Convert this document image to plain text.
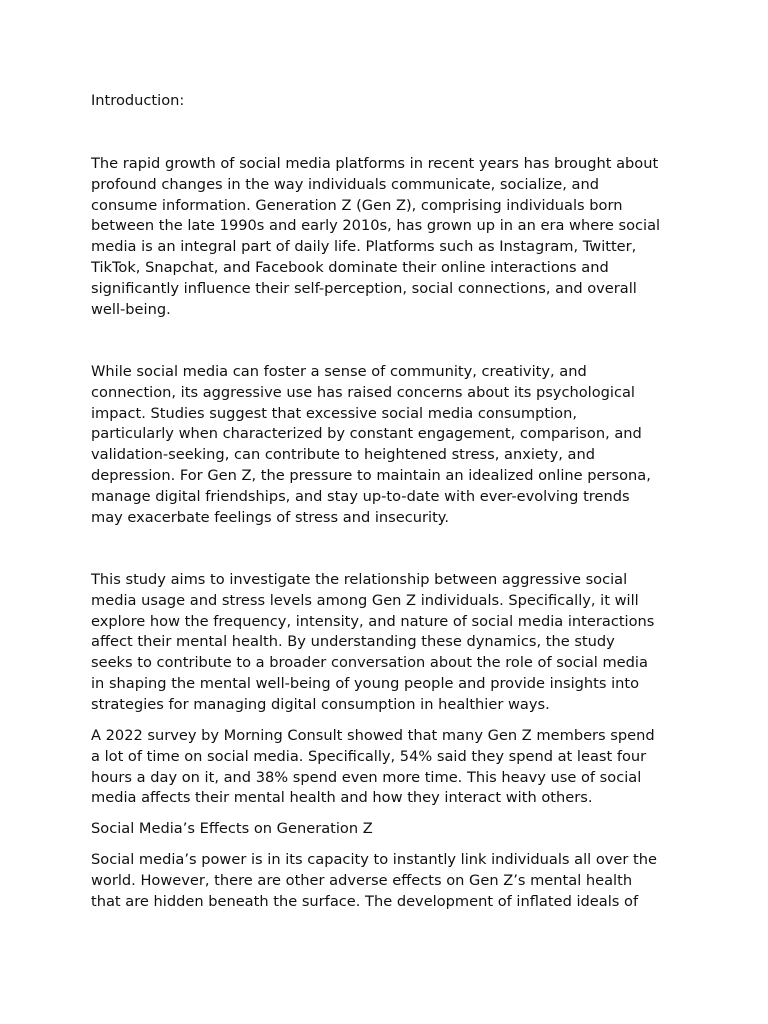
Introduction:

The rapid growth of social media platforms in recent years has brought about
profound changes in the way individuals communicate, socialize, and
consume information. Generation Z (Gen Z), comprising individuals born
between the late 1990s and early 2010s, has grown up in an era where social
media is an integral part of daily life. Platforms such as Instagram, Twitter,
TikTok, Snapchat, and Facebook dominate their online interactions and
significantly influence their self-perception, social connections, and overall
well-being.

While social media can foster a sense of community, creativity, and
connection, its aggressive use has raised concerns about its psychological
impact. Studies suggest that excessive social media consumption,
particularly when characterized by constant engagement, comparison, and
validation-seeking, can contribute to heightened stress, anxiety, and
depression. For Gen Z, the pressure to maintain an idealized online persona,
manage digital friendships, and stay up-to-date with ever-evolving trends
may exacerbate feelings of stress and insecurity.

This study aims to investigate the relationship between aggressive social
media usage and stress levels among Gen Z individuals. Specifically, it will
explore how the frequency, intensity, and nature of social media interactions
affect their mental health. By understanding these dynamics, the study
seeks to contribute to a broader conversation about the role of social media
in shaping the mental well-being of young people and provide insights into
strategies for managing digital consumption in healthier ways.

A 2022 survey by Morning Consult showed that many Gen Z members spend
a lot of time on social media. Specifically, 54% said they spend at least four
hours a day on it, and 38% spend even more time. This heavy use of social
media affects their mental health and how they interact with others.

Social Media’s Effects on Generation Z

Social media’s power is in its capacity to instantly link individuals all over the
world. However, there are other adverse effects on Gen Z’s mental health
that are hidden beneath the surface. The development of inflated ideals of
